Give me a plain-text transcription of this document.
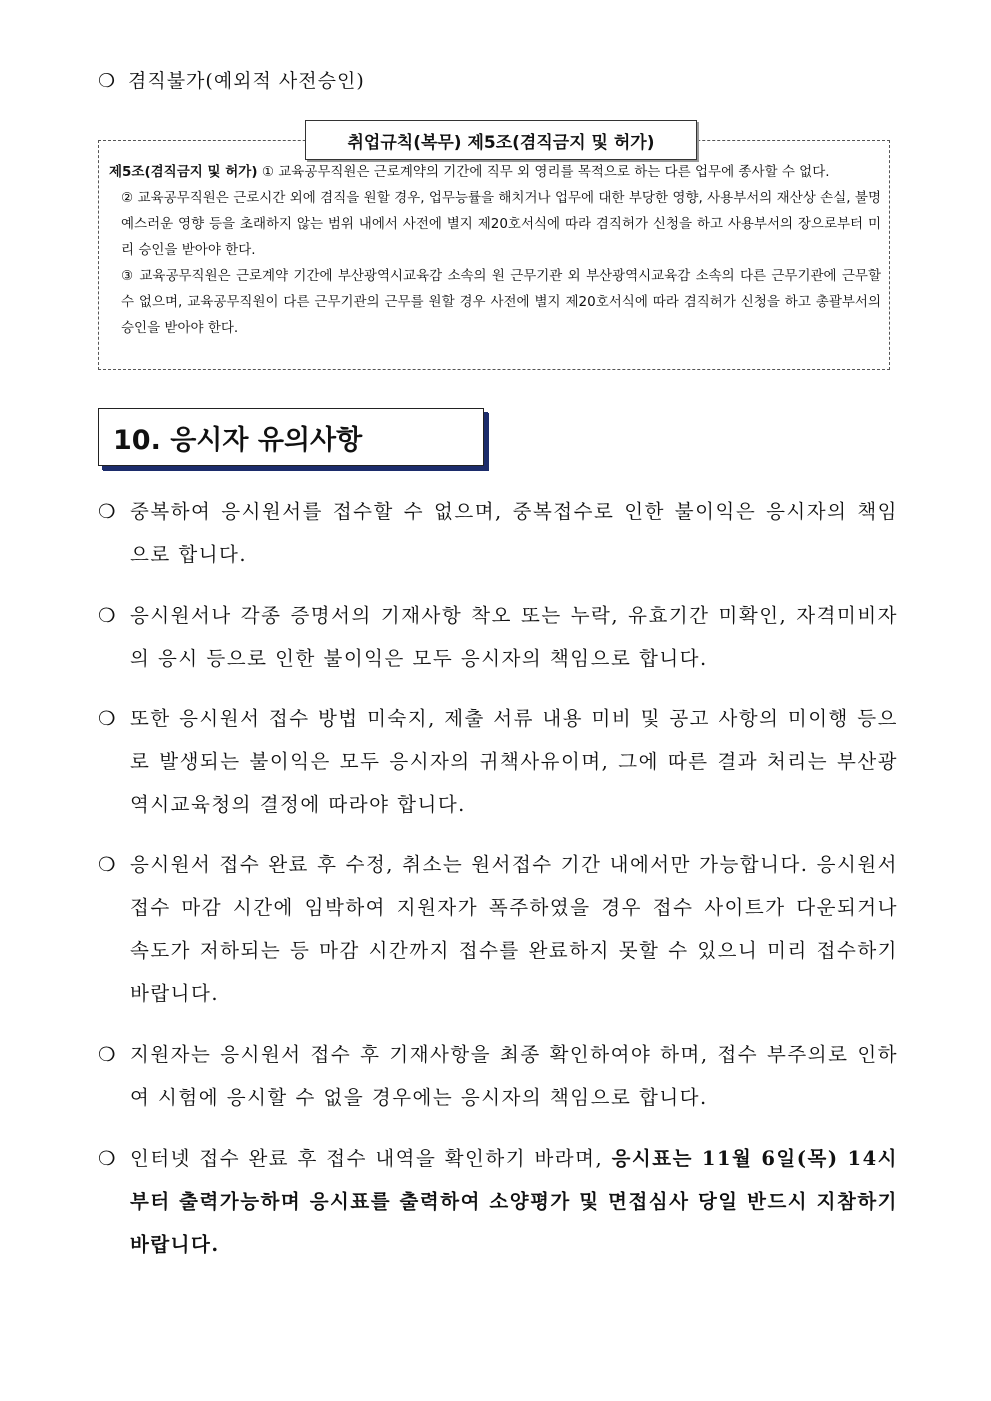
❍ 겸직불가(예외적 사전승인)

제5조(겸직금지 및 허가) ① 교육공무직원은 근로계약의 기간에 직무 외 영리를 목적으로 하는 다른 업무에 종사할 수 없다.

② 교육공무직원은 근로시간 외에 겸직을 원할 경우, 업무능률을 해치거나 업무에 대한 부당한 영향, 사용부서의 재산상 손실, 불명예스러운 영향 등을 초래하지 않는 범위 내에서 사전에 별지 제20호서식에 따라 겸직허가 신청을 하고 사용부서의 장으로부터 미리 승인을 받아야 한다.

③ 교육공무직원은 근로계약 기간에 부산광역시교육감 소속의 원 근무기관 외 부산광역시교육감 소속의 다른 근무기관에 근무할 수 없으며, 교육공무직원이 다른 근무기관의 근무를 원할 경우 사전에 별지 제20호서식에 따라 겸직허가 신청을 하고 총괄부서의 승인을 받아야 한다.

취업규칙(복무) 제5조(겸직금지 및 허가)
10. 응시자 유의사항
❍ 중복하여 응시원서를 접수할 수 없으며, 중복접수로 인한 불이익은 응시자의 책임으로 합니다.
❍ 응시원서나 각종 증명서의 기재사항 착오 또는 누락, 유효기간 미확인, 자격미비자의 응시 등으로 인한 불이익은 모두 응시자의 책임으로 합니다.
❍ 또한 응시원서 접수 방법 미숙지, 제출 서류 내용 미비 및 공고 사항의 미이행 등으로 발생되는 불이익은 모두 응시자의 귀책사유이며, 그에 따른 결과 처리는 부산광역시교육청의 결정에 따라야 합니다.
❍ 응시원서 접수 완료 후 수정, 취소는 원서접수 기간 내에서만 가능합니다. 응시원서 접수 마감 시간에 임박하여 지원자가 폭주하였을 경우 접수 사이트가 다운되거나 속도가 저하되는 등 마감 시간까지 접수를 완료하지 못할 수 있으니 미리 접수하기 바랍니다.
❍ 지원자는 응시원서 접수 후 기재사항을 최종 확인하여야 하며, 접수 부주의로 인하여 시험에 응시할 수 없을 경우에는 응시자의 책임으로 합니다.
❍ 인터넷 접수 완료 후 접수 내역을 확인하기 바라며, 응시표는 11월 6일(목) 14시부터 출력가능하며 응시표를 출력하여 소양평가 및 면접심사 당일 반드시 지참하기 바랍니다.
